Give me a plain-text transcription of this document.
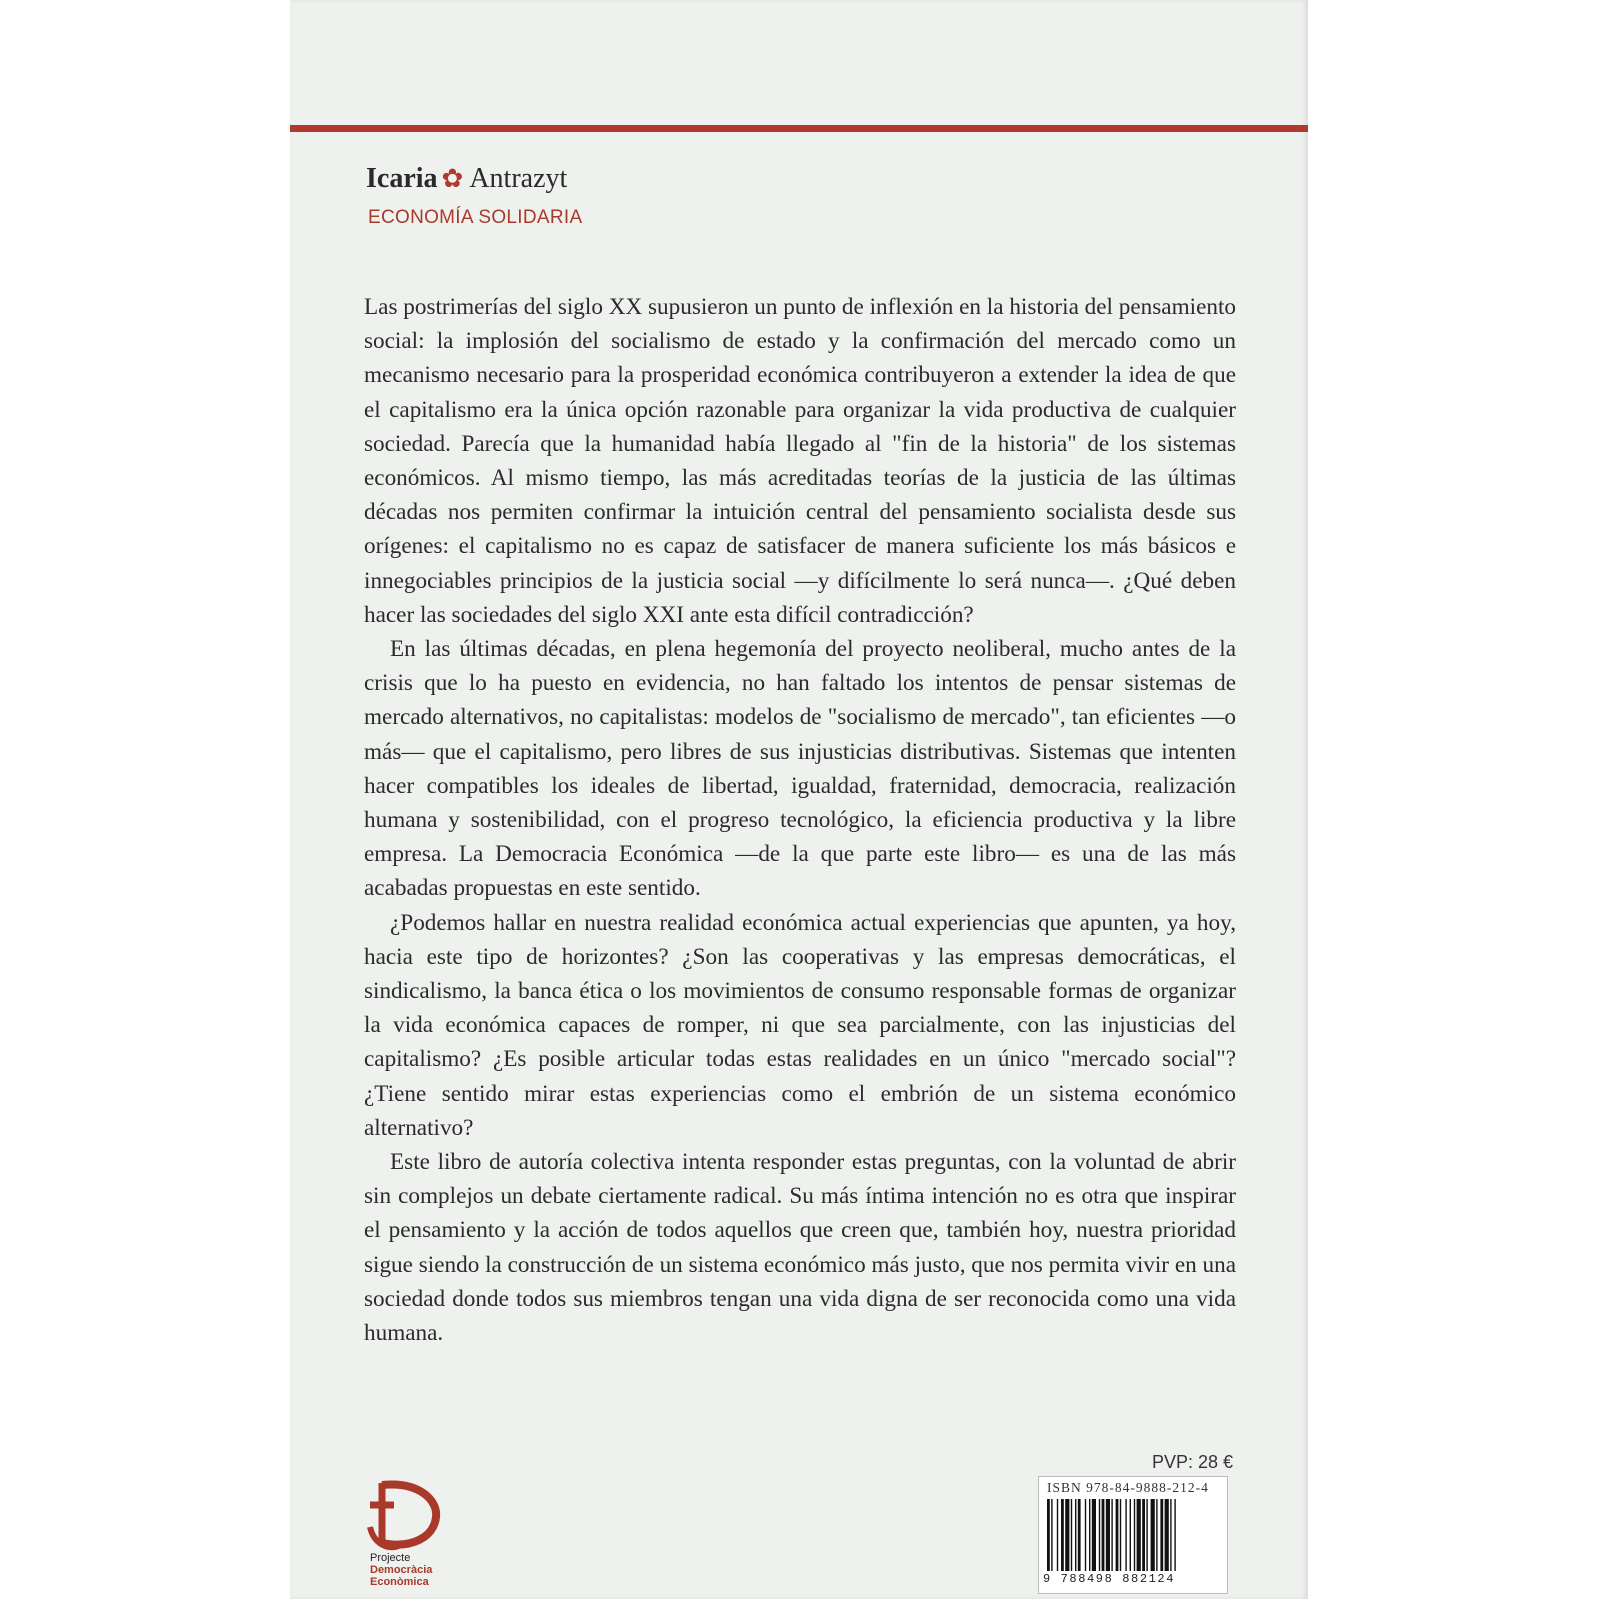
Icaria ✿ Antrazyt
ECONOMÍA SOLIDARIA

Las postrimerías del siglo XX supusieron un punto de inflexión en la historia del pensamiento social: la implosión del socialismo de estado y la confirmación del mercado como un mecanismo necesario para la prosperidad económica contribuyeron a extender la idea de que el capitalismo era la única opción razonable para organizar la vida productiva de cualquier sociedad. Parecía que la humanidad había llegado al "fin de la historia" de los sistemas económicos. Al mismo tiempo, las más acreditadas teorías de la justicia de las últimas décadas nos permiten confirmar la intuición central del pensamiento socialista desde sus orígenes: el capitalismo no es capaz de satisfacer de manera suficiente los más básicos e innegociables principios de la justicia social —y difícilmente lo será nunca—. ¿Qué deben hacer las sociedades del siglo XXI ante esta difícil contradicción?

En las últimas décadas, en plena hegemonía del proyecto neoliberal, mucho antes de la crisis que lo ha puesto en evidencia, no han faltado los intentos de pensar sistemas de mercado alternativos, no capitalistas: modelos de "socialismo de mercado", tan eficientes —o más— que el capitalismo, pero libres de sus injusticias distributivas. Sistemas que intenten hacer compatibles los ideales de libertad, igualdad, fraternidad, democracia, realización humana y sostenibilidad, con el progreso tecnológico, la eficiencia productiva y la libre empresa. La Democracia Económica —de la que parte este libro— es una de las más acabadas propuestas en este sentido.

¿Podemos hallar en nuestra realidad económica actual experiencias que apunten, ya hoy, hacia este tipo de horizontes? ¿Son las cooperativas y las empresas democráticas, el sindicalismo, la banca ética o los movimientos de consumo responsable formas de organizar la vida económica capaces de romper, ni que sea parcialmente, con las injusticias del capitalismo? ¿Es posible articular todas estas realidades en un único "mercado social"? ¿Tiene sentido mirar estas experiencias como el embrión de un sistema económico alternativo?

Este libro de autoría colectiva intenta responder estas preguntas, con la voluntad de abrir sin complejos un debate ciertamente radical. Su más íntima intención no es otra que inspirar el pensamiento y la acción de todos aquellos que creen que, también hoy, nuestra prioridad sigue siendo la construcción de un sistema económico más justo, que nos permita vivir en una sociedad donde todos sus miembros tengan una vida digna de ser reconocida como una vida humana.

PVP: 28 €
ISBN 978-84-9888-212-4
9 788498 882124
Projecte
Democràcia
Econòmica
